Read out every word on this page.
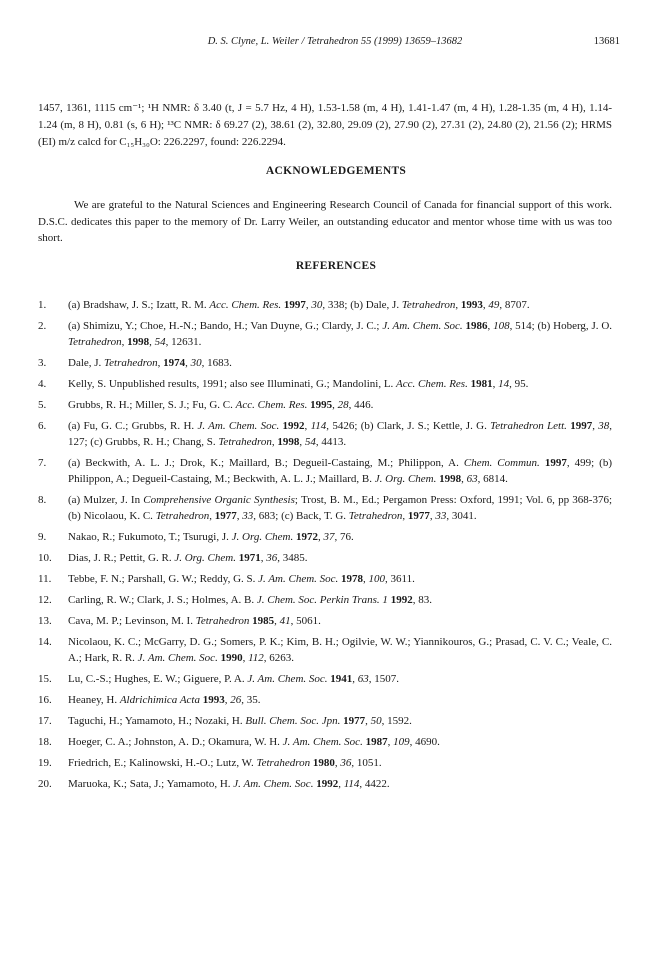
D. S. Clyne, L. Weiler / Tetrahedron 55 (1999) 13659–13682	13681

1457, 1361, 1115 cm⁻¹; ¹H NMR: δ 3.40 (t, J = 5.7 Hz, 4 H), 1.53-1.58 (m, 4 H), 1.41-1.47 (m, 4 H), 1.28-1.35 (m, 4 H), 1.14-1.24 (m, 8 H), 0.81 (s, 6 H); ¹³C NMR: δ 69.27 (2), 38.61 (2), 32.80, 29.09 (2), 27.90 (2), 27.31 (2), 24.80 (2), 21.56 (2); HRMS (EI) m/z calcd for C₁₅H₃₀O: 226.2297, found: 226.2294.

ACKNOWLEDGEMENTS

We are grateful to the Natural Sciences and Engineering Research Council of Canada for financial support of this work. D.S.C. dedicates this paper to the memory of Dr. Larry Weiler, an outstanding educator and mentor whose time with us was too short.

REFERENCES
1.	(a) Bradshaw, J. S.; Izatt, R. M. Acc. Chem. Res. 1997, 30, 338; (b) Dale, J. Tetrahedron, 1993, 49, 8707.
2.	(a) Shimizu, Y.; Choe, H.-N.; Bando, H.; Van Duyne, G.; Clardy, J. C.; J. Am. Chem. Soc. 1986, 108, 514; (b) Hoberg, J. O. Tetrahedron, 1998, 54, 12631.
3.	Dale, J. Tetrahedron, 1974, 30, 1683.
4.	Kelly, S. Unpublished results, 1991; also see Illuminati, G.; Mandolini, L. Acc. Chem. Res. 1981, 14, 95.
5.	Grubbs, R. H.; Miller, S. J.; Fu, G. C. Acc. Chem. Res. 1995, 28, 446.
6.	(a) Fu, G. C.; Grubbs, R. H. J. Am. Chem. Soc. 1992, 114, 5426; (b) Clark, J. S.; Kettle, J. G. Tetrahedron Lett. 1997, 38, 127; (c) Grubbs, R. H.; Chang, S. Tetrahedron, 1998, 54, 4413.
7.	(a) Beckwith, A. L. J.; Drok, K.; Maillard, B.; Degueil-Castaing, M.; Philippon, A. Chem. Commun. 1997, 499; (b) Philippon, A.; Degueil-Castaing, M.; Beckwith, A. L. J.; Maillard, B. J. Org. Chem. 1998, 63, 6814.
8.	(a) Mulzer, J. In Comprehensive Organic Synthesis; Trost, B. M., Ed.; Pergamon Press: Oxford, 1991; Vol. 6, pp 368-376; (b) Nicolaou, K. C. Tetrahedron, 1977, 33, 683; (c) Back, T. G. Tetrahedron, 1977, 33, 3041.
9.	Nakao, R.; Fukumoto, T.; Tsurugi, J. J. Org. Chem. 1972, 37, 76.
10.	Dias, J. R.; Pettit, G. R. J. Org. Chem. 1971, 36, 3485.
11.	Tebbe, F. N.; Parshall, G. W.; Reddy, G. S. J. Am. Chem. Soc. 1978, 100, 3611.
12.	Carling, R. W.; Clark, J. S.; Holmes, A. B. J. Chem. Soc. Perkin Trans. 1 1992, 83.
13.	Cava, M. P.; Levinson, M. I. Tetrahedron 1985, 41, 5061.
14.	Nicolaou, K. C.; McGarry, D. G.; Somers, P. K.; Kim, B. H.; Ogilvie, W. W.; Yiannikouros, G.; Prasad, C. V. C.; Veale, C. A.; Hark, R. R. J. Am. Chem. Soc. 1990, 112, 6263.
15.	Lu, C.-S.; Hughes, E. W.; Giguere, P. A. J. Am. Chem. Soc. 1941, 63, 1507.
16.	Heaney, H. Aldrichimica Acta 1993, 26, 35.
17.	Taguchi, H.; Yamamoto, H.; Nozaki, H. Bull. Chem. Soc. Jpn. 1977, 50, 1592.
18.	Hoeger, C. A.; Johnston, A. D.; Okamura, W. H. J. Am. Chem. Soc. 1987, 109, 4690.
19.	Friedrich, E.; Kalinowski, H.-O.; Lutz, W. Tetrahedron 1980, 36, 1051.
20.	Maruoka, K.; Sata, J.; Yamamoto, H. J. Am. Chem. Soc. 1992, 114, 4422.
